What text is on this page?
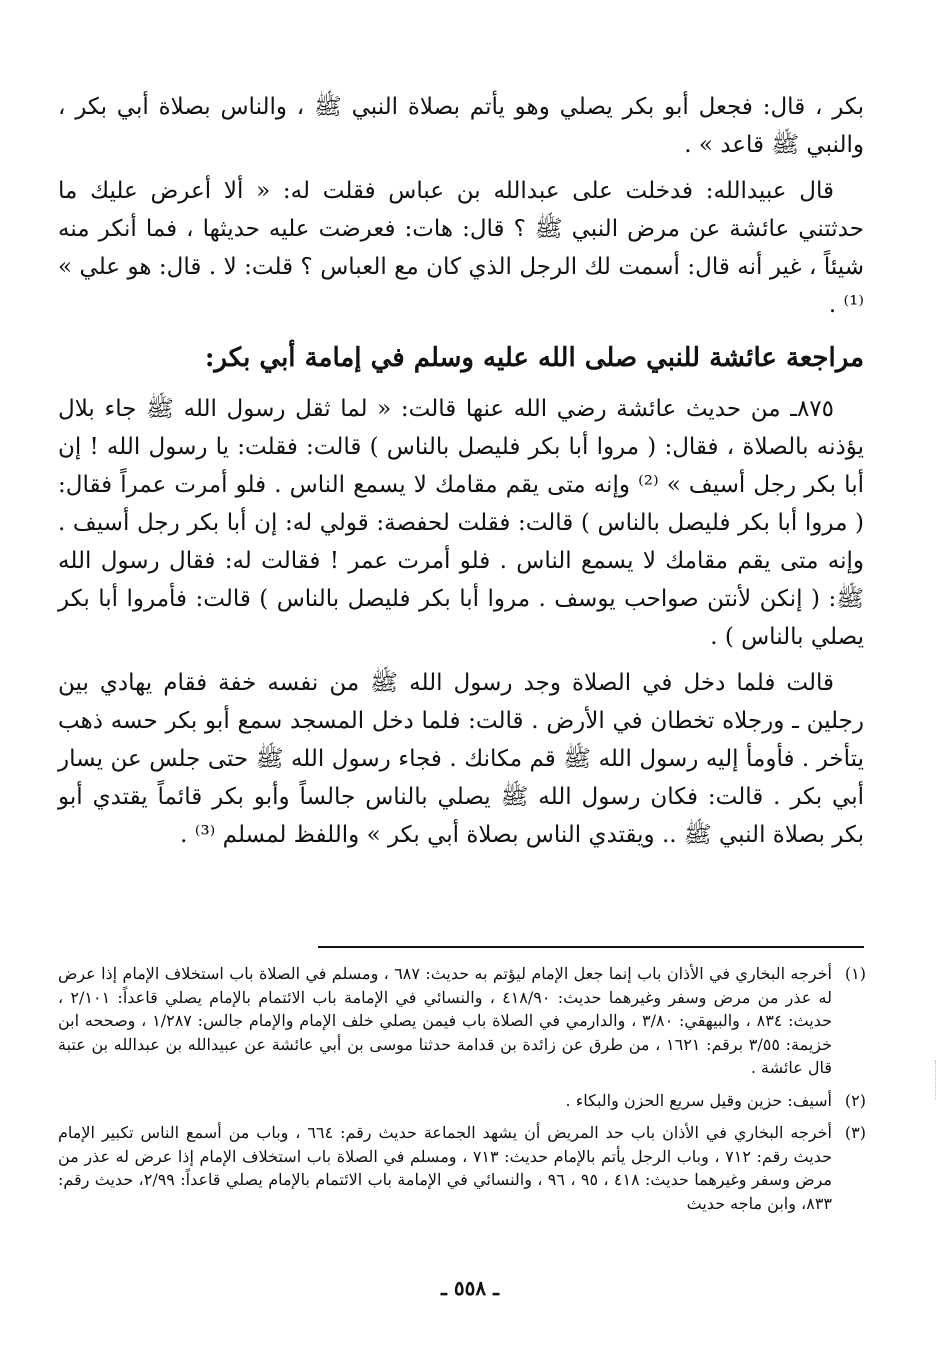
بكر ، قال: فجعل أبو بكر يصلي وهو يأتم بصلاة النبي ﷺ ، والناس بصلاة أبي بكر ، والنبي ﷺ قاعد » .

قال عبيدالله: فدخلت على عبدالله بن عباس فقلت له: « ألا أعرض عليك ما حدثتني عائشة عن مرض النبي ﷺ ؟ قال: هات: فعرضت عليه حديثها ، فما أنكر منه شيئاً ، غير أنه قال: أسمت لك الرجل الذي كان مع العباس ؟ قلت: لا . قال: هو علي » ⁽¹⁾ .

مراجعة عائشة للنبي صلى الله عليه وسلم في إمامة أبي بكر:

٨٧٥ـ من حديث عائشة رضي الله عنها قالت: « لما ثقل رسول الله ﷺ جاء بلال يؤذنه بالصلاة ، فقال: ( مروا أبا بكر فليصل بالناس ) قالت: فقلت: يا رسول الله ! إن أبا بكر رجل أسيف » ⁽²⁾ وإنه متى يقم مقامك لا يسمع الناس . فلو أمرت عمراً فقال: ( مروا أبا بكر فليصل بالناس ) قالت: فقلت لحفصة: قولي له: إن أبا بكر رجل أسيف . وإنه متى يقم مقامك لا يسمع الناس . فلو أمرت عمر ! فقالت له: فقال رسول الله ﷺ: ( إنكن لأنتن صواحب يوسف . مروا أبا بكر فليصل بالناس ) قالت: فأمروا أبا بكر يصلي بالناس ) .

قالت فلما دخل في الصلاة وجد رسول الله ﷺ من نفسه خفة فقام يهادي بين رجلين ـ ورجلاه تخطان في الأرض . قالت: فلما دخل المسجد سمع أبو بكر حسه ذهب يتأخر . فأومأ إليه رسول الله ﷺ قم مكانك . فجاء رسول الله ﷺ حتى جلس عن يسار أبي بكر . قالت: فكان رسول الله ﷺ يصلي بالناس جالساً وأبو بكر قائماً يقتدي أبو بكر بصلاة النبي ﷺ .. ويقتدي الناس بصلاة أبي بكر » واللفظ لمسلم ⁽³⁾ .

(١)
أخرجه البخاري في الأذان باب إنما جعل الإمام ليؤتم به حديث: ٦٨٧ ، ومسلم في الصلاة باب استخلاف الإمام إذا عرض له عذر من مرض وسفر وغيرهما حديث: ٤١٨/٩٠ ، والنسائي في الإمامة باب الائتمام بالإمام يصلي قاعداً: ٢/١٠١ ، حديث: ٨٣٤ ، والبيهقي: ٣/٨٠ ، والدارمي في الصلاة باب فيمن يصلي خلف الإمام والإمام جالس: ١/٢٨٧ ، وصححه ابن خزيمة: ٣/٥٥ برقم: ١٦٢١ ، من طرق عن زائدة بن قدامة حدثنا موسى بن أبي عائشة عن عبيدالله بن عبدالله بن عتبة قال عائشة .
(٢)
أسيف: حزين وقيل سريع الحزن والبكاء .
(٣)
أخرجه البخاري في الأذان باب حد المريض أن يشهد الجماعة حديث رقم: ٦٦٤ ، وباب من أسمع الناس تكبير الإمام حديث رقم: ٧١٢ ، وباب الرجل يأتم بالإمام حديث: ٧١٣ ، ومسلم في الصلاة باب استخلاف الإمام إذا عرض له عذر من مرض وسفر وغيرهما حديث: ٤١٨ ، ٩٥ ، ٩٦ ، والنسائي في الإمامة باب الائتمام بالإمام يصلي قاعداً: ٢/٩٩، حديث رقم: ٨٣٣، وابن ماجه حديث
ـ ٥٥٨ ـ
